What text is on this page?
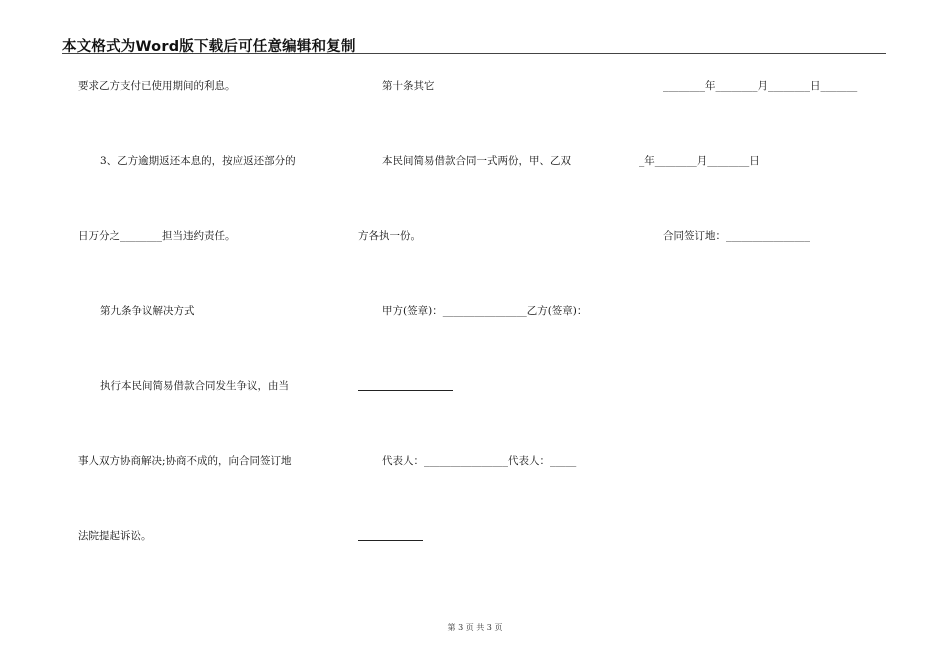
本文格式为Word版下载后可任意编辑和复制
要求乙方支付已使用期间的利息。
3、乙方逾期返还本息的，按应返还部分的
日万分之________担当违约责任。
第九条争议解决方式
执行本民间简易借款合同发生争议，由当
事人双方协商解决;协商不成的，向合同签订地
法院提起诉讼。
第十条其它
本民间简易借款合同一式两份，甲、乙双
方各执一份。
甲方(签章)：________________乙方(签章)：
代表人：________________代表人：_____
________年________月________日_______
_年________月________日
合同签订地：________________
第 3 页 共 3 页
